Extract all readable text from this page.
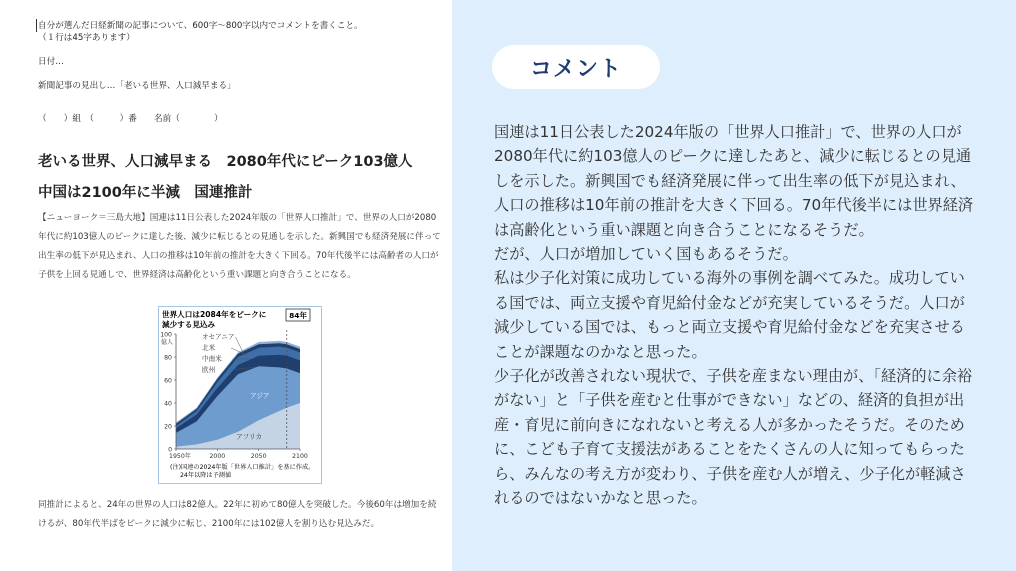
自分が選んだ日経新聞の記事について、600字～800字以内でコメントを書くこと。
（１行は45字あります）
日付…
新聞記事の見出し…「老いる世界、人口減早まる」
（　　）組　（　　　）番　　名前（　　　　）
老いる世界、人口減早まる　2080年代にピーク103億人
中国は2100年に半減　国連推計
【ニューヨーク＝三島大地】国連は11日公表した2024年版の「世界人口推計」で、世界の人口が2080年代に約103億人のピークに達した後、減少に転じるとの見通しを示した。新興国でも経済発展に伴って出生率の低下が見込まれ、人口の推移は10年前の推計を大きく下回る。70年代後半には高齢者の人口が子供を上回る見通しで、世界経済は高齢化という重い課題と向き合うことになる。
世界人口は2084年をピークに減少する見込み
84年
0
20
40
60
80
100
億人
1950年	2000	2050	2100
オセアニア
北米
中南米
欧州
アジア
アフリカ
(注)国連の2024年版「世界人口推計」を基に作成。
24年以降は予測値
同推計によると、24年の世界の人口は82億人。22年に初めて80億人を突破した。今後60年は増加を続けるが、80年代半ばをピークに減少に転じ、2100年には102億人を割り込む見込みだ。
コメント

国連は11日公表した2024年版の「世界人口推計」で、世界の人口が2080年代に約103億人のピークに達したあと、減少に転じるとの見通しを示した。新興国でも経済発展に伴って出生率の低下が見込まれ、人口の推移は10年前の推計を大きく下回る。70年代後半には世界経済は高齢化という重い課題と向き合うことになるそうだ。

だが、人口が増加していく国もあるそうだ。

私は少子化対策に成功している海外の事例を調べてみた。成功している国では、両立支援や育児給付金などが充実しているそうだ。人口が減少している国では、もっと両立支援や育児給付金などを充実させることが課題なのかなと思った。

少子化が改善されない現状で、子供を産まない理由が、「経済的に余裕がない」と「子供を産むと仕事ができない」などの、経済的負担が出産・育児に前向きになれないと考える人が多かったそうだ。そのために、こども子育て支援法があることをたくさんの人に知ってもらったら、みんなの考え方が変わり、子供を産む人が増え、少子化が軽減されるのではないかなと思った。
